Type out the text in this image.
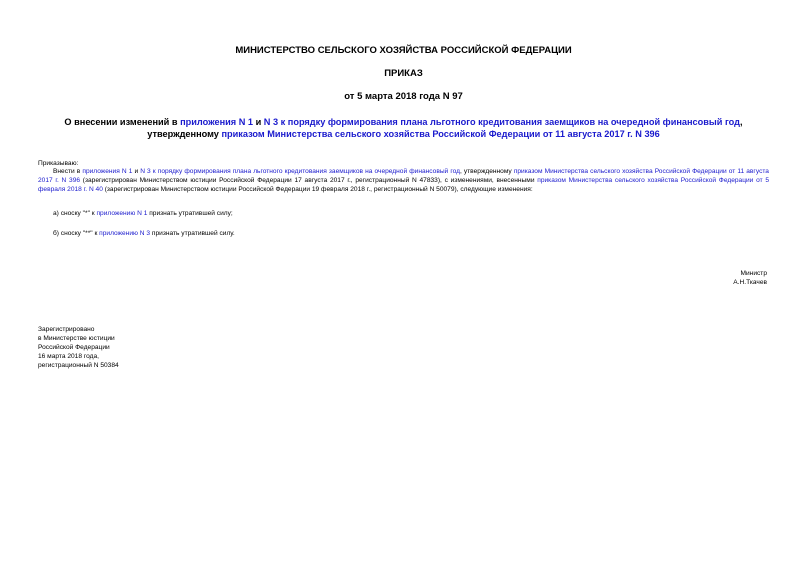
МИНИСТЕРСТВО СЕЛЬСКОГО ХОЗЯЙСТВА РОССИЙСКОЙ ФЕДЕРАЦИИ
ПРИКАЗ
от 5 марта 2018 года N 97
О внесении изменений в приложения N 1 и N 3 к порядку формирования плана льготного кредитования заемщиков на очередной финансовый год, утвержденному приказом Министерства сельского хозяйства Российской Федерации от 11 августа 2017 г. N 396
Приказываю:
Внести в приложения N 1 и N 3 к порядку формирования плана льготного кредитования заемщиков на очередной финансовый год, утвержденному приказом Министерства сельского хозяйства Российской Федерации от 11 августа 2017 г. N 396 (зарегистрирован Министерством юстиции Российской Федерации 17 августа 2017 г., регистрационный N 47833), с изменениями, внесенными приказом Министерства сельского хозяйства Российской Федерации от 5 февраля 2018 г. N 40 (зарегистрирован Министерством юстиции Российской Федерации 19 февраля 2018 г., регистрационный N 50079), следующие изменения:
а) сноску "*" к приложению N 1 признать утратившей силу;
б) сноску "**" к приложению N 3 признать утратившей силу.
Министр
А.Н.Ткачев
Зарегистрировано
в Министерстве юстиции
Российской Федерации
16 марта 2018 года,
регистрационный N 50384
